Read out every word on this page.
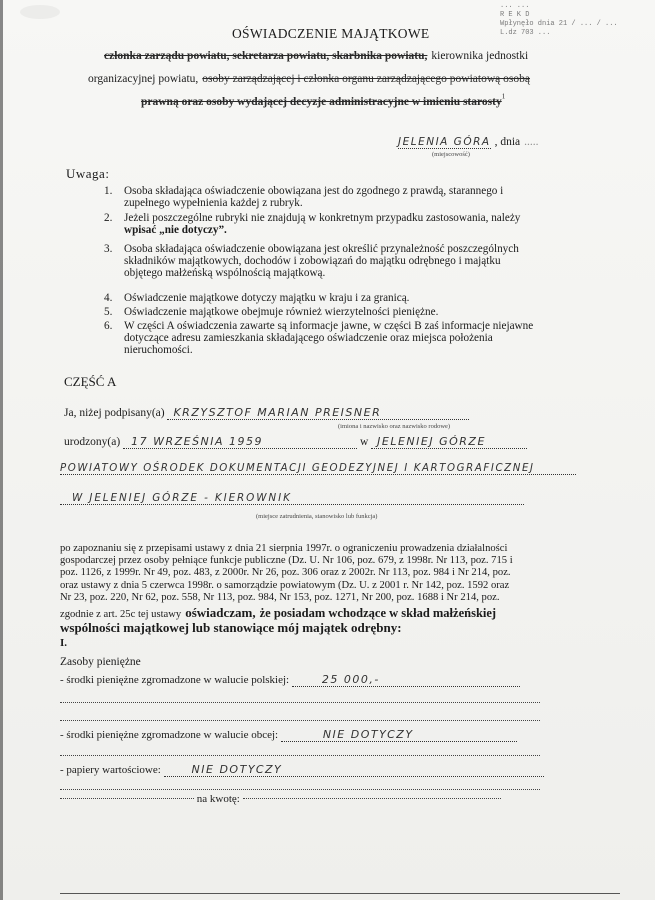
... ...
R E K D
Wpłynęło dnia 21 / ... / ...
L.dz 703 ...
OŚWIADCZENIE MAJĄTKOWE
członka zarządu powiatu, sekretarza powiatu, skarbnika powiatu, kierownika jednostki
organizacyjnej powiatu, osoby zarządzającej i członka organu zarządzającego powiatową osobą
prawną oraz osoby wydającej decyzje administracyjne w imieniu starosty$^1$
JELENIA GÓRA , dnia .....
(miejscowość)
Uwaga:
1. Osoba składająca oświadczenie obowiązana jest do zgodnego z prawdą, starannego i
zupełnego wypełnienia każdej z rubryk.
2. Jeżeli poszczególne rubryki nie znajdują w konkretnym przypadku zastosowania, należy
wpisać „nie dotyczy”.
3. Osoba składająca oświadczenie obowiązana jest określić przynależność poszczególnych
składników majątkowych, dochodów i zobowiązań do majątku odrębnego i majątku
objętego małżeńską wspólnością majątkową.
4. Oświadczenie majątkowe dotyczy majątku w kraju i za granicą.
5. Oświadczenie majątkowe obejmuje również wierzytelności pieniężne.
6. W części A oświadczenia zawarte są informacje jawne, w części B zaś informacje niejawne
dotyczące adresu zamieszkania składającego oświadczenie oraz miejsca położenia
nieruchomości.
CZĘŚĆ A
Ja, niżej podpisany(a) KRZYSZTOF MARIAN PREISNER
(imiona i nazwisko oraz nazwisko rodowe)
urodzony(a) 17 WRZEŚNIA 1959	w JELENIEJ GÓRZE
POWIATOWY OŚRODEK DOKUMENTACJI GEODEZYJNEJ I KARTOGRAFICZNEJ
W JELENIEJ GÓRZE - KIEROWNIK
(miejsce zatrudnienia, stanowisko lub funkcja)
po zapoznaniu się z przepisami ustawy z dnia 21 sierpnia 1997r. o ograniczeniu prowadzenia działalności
gospodarczej przez osoby pełniące funkcje publiczne (Dz. U. Nr 106, poz. 679, z 1998r. Nr 113, poz. 715 i
poz. 1126, z 1999r. Nr 49, poz. 483, z 2000r. Nr 26, poz. 306 oraz z 2002r. Nr 113, poz. 984 i Nr 214, poz.
oraz ustawy z dnia 5 czerwca 1998r. o samorządzie powiatowym (Dz. U. z 2001 r. Nr 142, poz. 1592 oraz
Nr 23, poz. 220, Nr 62, poz. 558, Nr 113, poz. 984, Nr 153, poz. 1271, Nr 200, poz. 1688 i Nr 214, poz.
zgodnie z art. 25c tej ustawy oświadczam, że posiadam wchodzące w skład małżeńskiej
wspólności majątkowej lub stanowiące mój majątek odrębny:
I.
Zasoby pieniężne
- środki pieniężne zgromadzone w walucie polskiej:	25 000,-
- środki pieniężne zgromadzone w walucie obcej:	NIE DOTYCZY
- papiery wartościowe:	NIE DOTYCZY
na kwotę:
